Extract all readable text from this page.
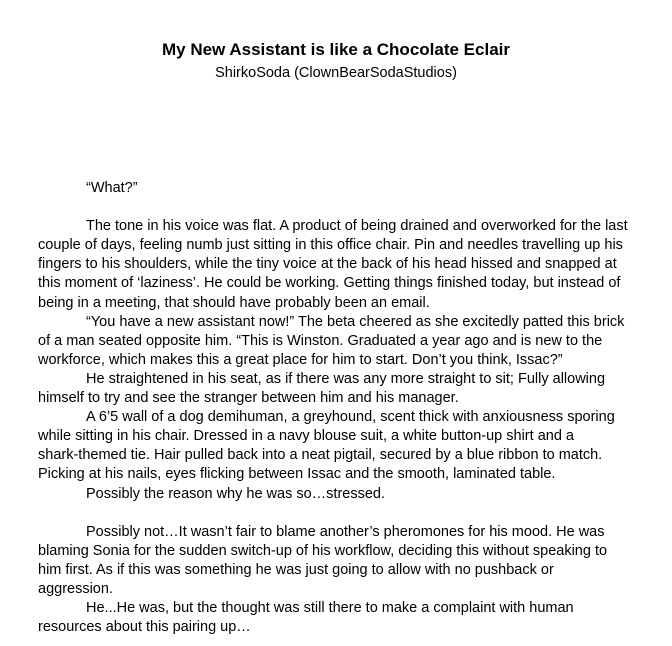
My New Assistant is like a Chocolate Eclair
ShirkoSoda (ClownBearSodaStudios)

“What?”

The tone in his voice was flat. A product of being drained and overworked for the last
couple of days, feeling numb just sitting in this office chair. Pin and needles travelling up his
fingers to his shoulders, while the tiny voice at the back of his head hissed and snapped at
this moment of ‘laziness’. He could be working. Getting things finished today, but instead of
being in a meeting, that should have probably been an email.

“You have a new assistant now!” The beta cheered as she excitedly patted this brick
of a man seated opposite him. “This is Winston. Graduated a year ago and is new to the
workforce, which makes this a great place for him to start. Don’t you think, Issac?”

He straightened in his seat, as if there was any more straight to sit; Fully allowing
himself to try and see the stranger between him and his manager.

A 6’5 wall of a dog demihuman, a greyhound, scent thick with anxiousness sporing
while sitting in his chair. Dressed in a navy blouse suit, a white button-up shirt and a
shark-themed tie. Hair pulled back into a neat pigtail, secured by a blue ribbon to match.
Picking at his nails, eyes flicking between Issac and the smooth, laminated table.

Possibly the reason why he was so…stressed.

Possibly not…It wasn’t fair to blame another’s pheromones for his mood. He was
blaming Sonia for the sudden switch-up of his workflow, deciding this without speaking to
him first. As if this was something he was just going to allow with no pushback or
aggression.

He...He was, but the thought was still there to make a complaint with human
resources about this pairing up…
